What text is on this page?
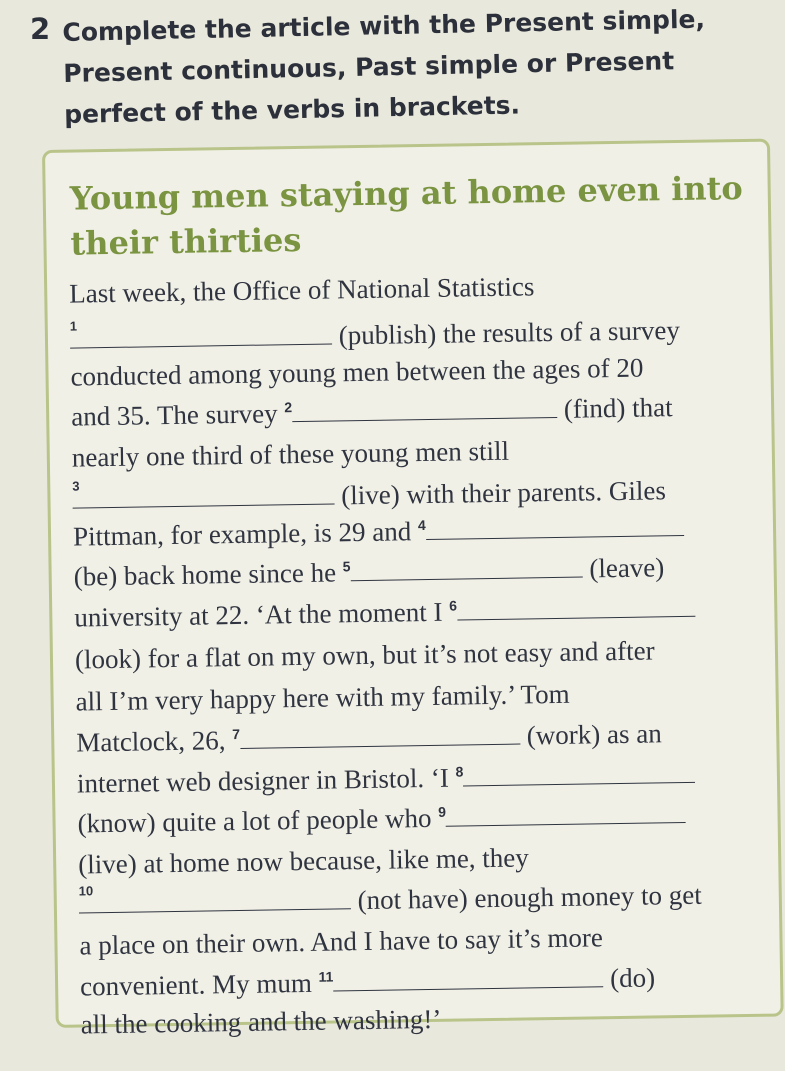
2 Complete the article with the Present simple,
Present continuous, Past simple or Present
perfect of the verbs in brackets.
Young men staying at home even into
their thirties
Last week, the Office of National Statistics
1	(publish) the results of a survey
conducted among young men between the ages of 20
and 35. The survey $^2$	(find) that
nearly one third of these young men still
3	(live) with their parents. Giles
Pittman, for example, is 29 and $^4$
(be) back home since he $^5$	(leave)
university at 22. ‘At the moment I $^6$
(look) for a flat on my own, but it’s not easy and after
all I’m very happy here with my family.’ Tom
Matclock, 26, $^7$	(work) as an
internet web designer in Bristol. ‘I $^8$
(know) quite a lot of people who $^9$
(live) at home now because, like me, they
10	(not have) enough money to get
a place on their own. And I have to say it’s more
convenient. My mum $^{11}$	(do)
all the cooking and the washing!’
